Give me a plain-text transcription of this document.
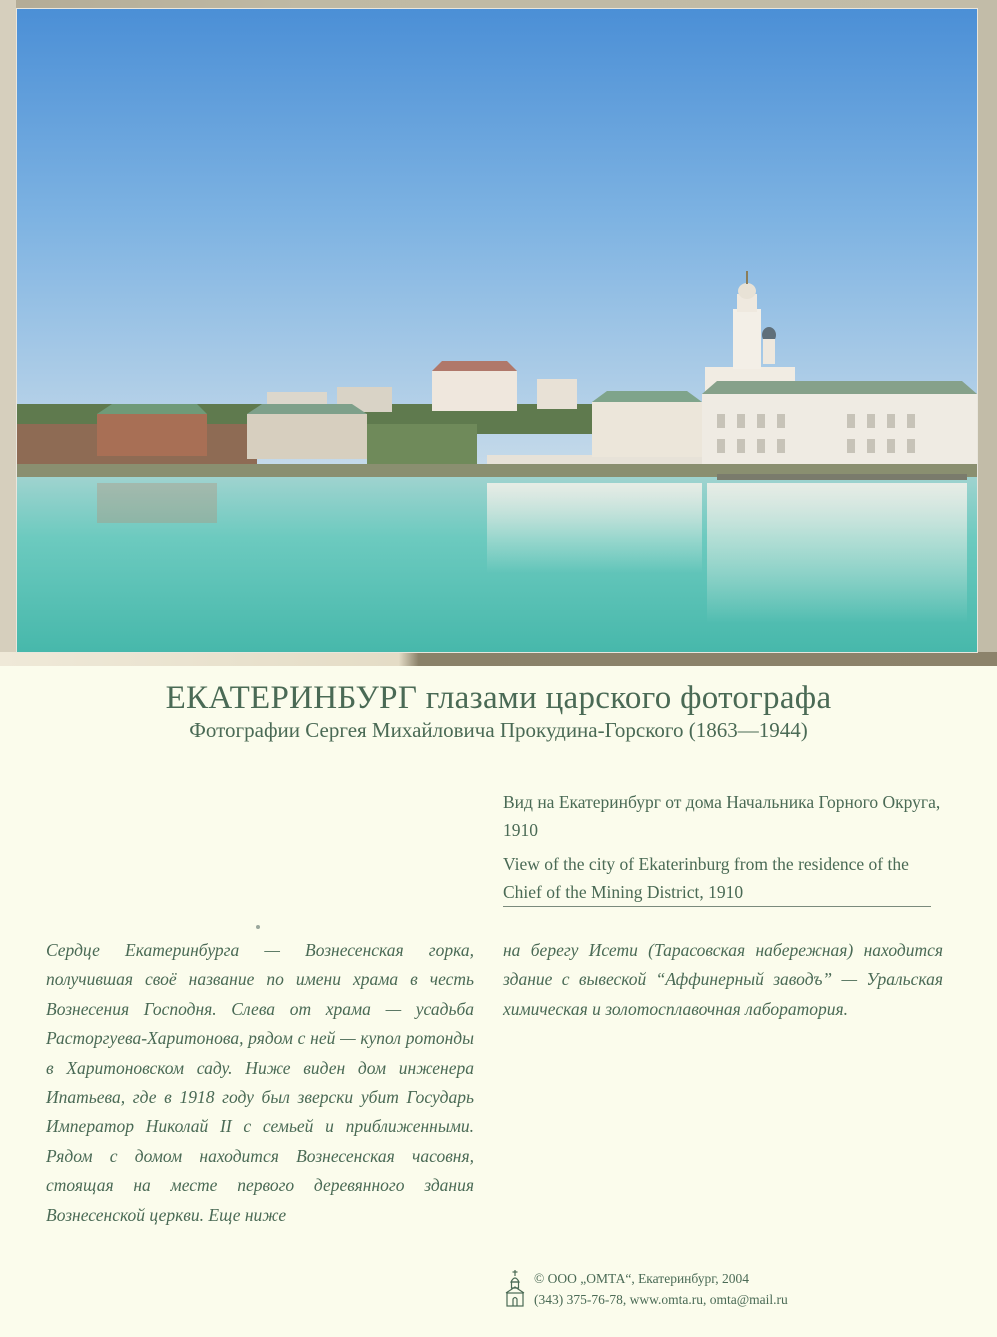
ЕКАТЕРИНБУРГ глазами царского фотографа
Фотографии Сергея Михайловича Прокудина-Горского (1863—1944)
Вид на Екатеринбург от дома Начальника Горного Округа, 1910
View of the city of Ekaterinburg from the residence of the Chief of the Mining District, 1910

Сердце Екатеринбурга — Вознесенская горка, получившая своё название по имени храма в честь Вознесения Господня. Слева от храма — усадьба Расторгуева-Харитонова, рядом с ней — купол ротонды в Харитоновском саду. Ниже виден дом инженера Ипатьева, где в 1918 году был зверски убит Государь Император Николай II с семьей и приближенными. Рядом с домом находится Вознесенская часовня, стоящая на месте первого деревянного здания Вознесенской церкви. Еще ниже

на берегу Исети (Тарасовская набережная) находится здание с вывеской “Аффинерный заводъ” — Уральская химическая и золотосплавочная лаборатория.

© ООО „ОМТА“, Екатеринбург, 2004
(343) 375-76-78, www.omta.ru, omta@mail.ru
